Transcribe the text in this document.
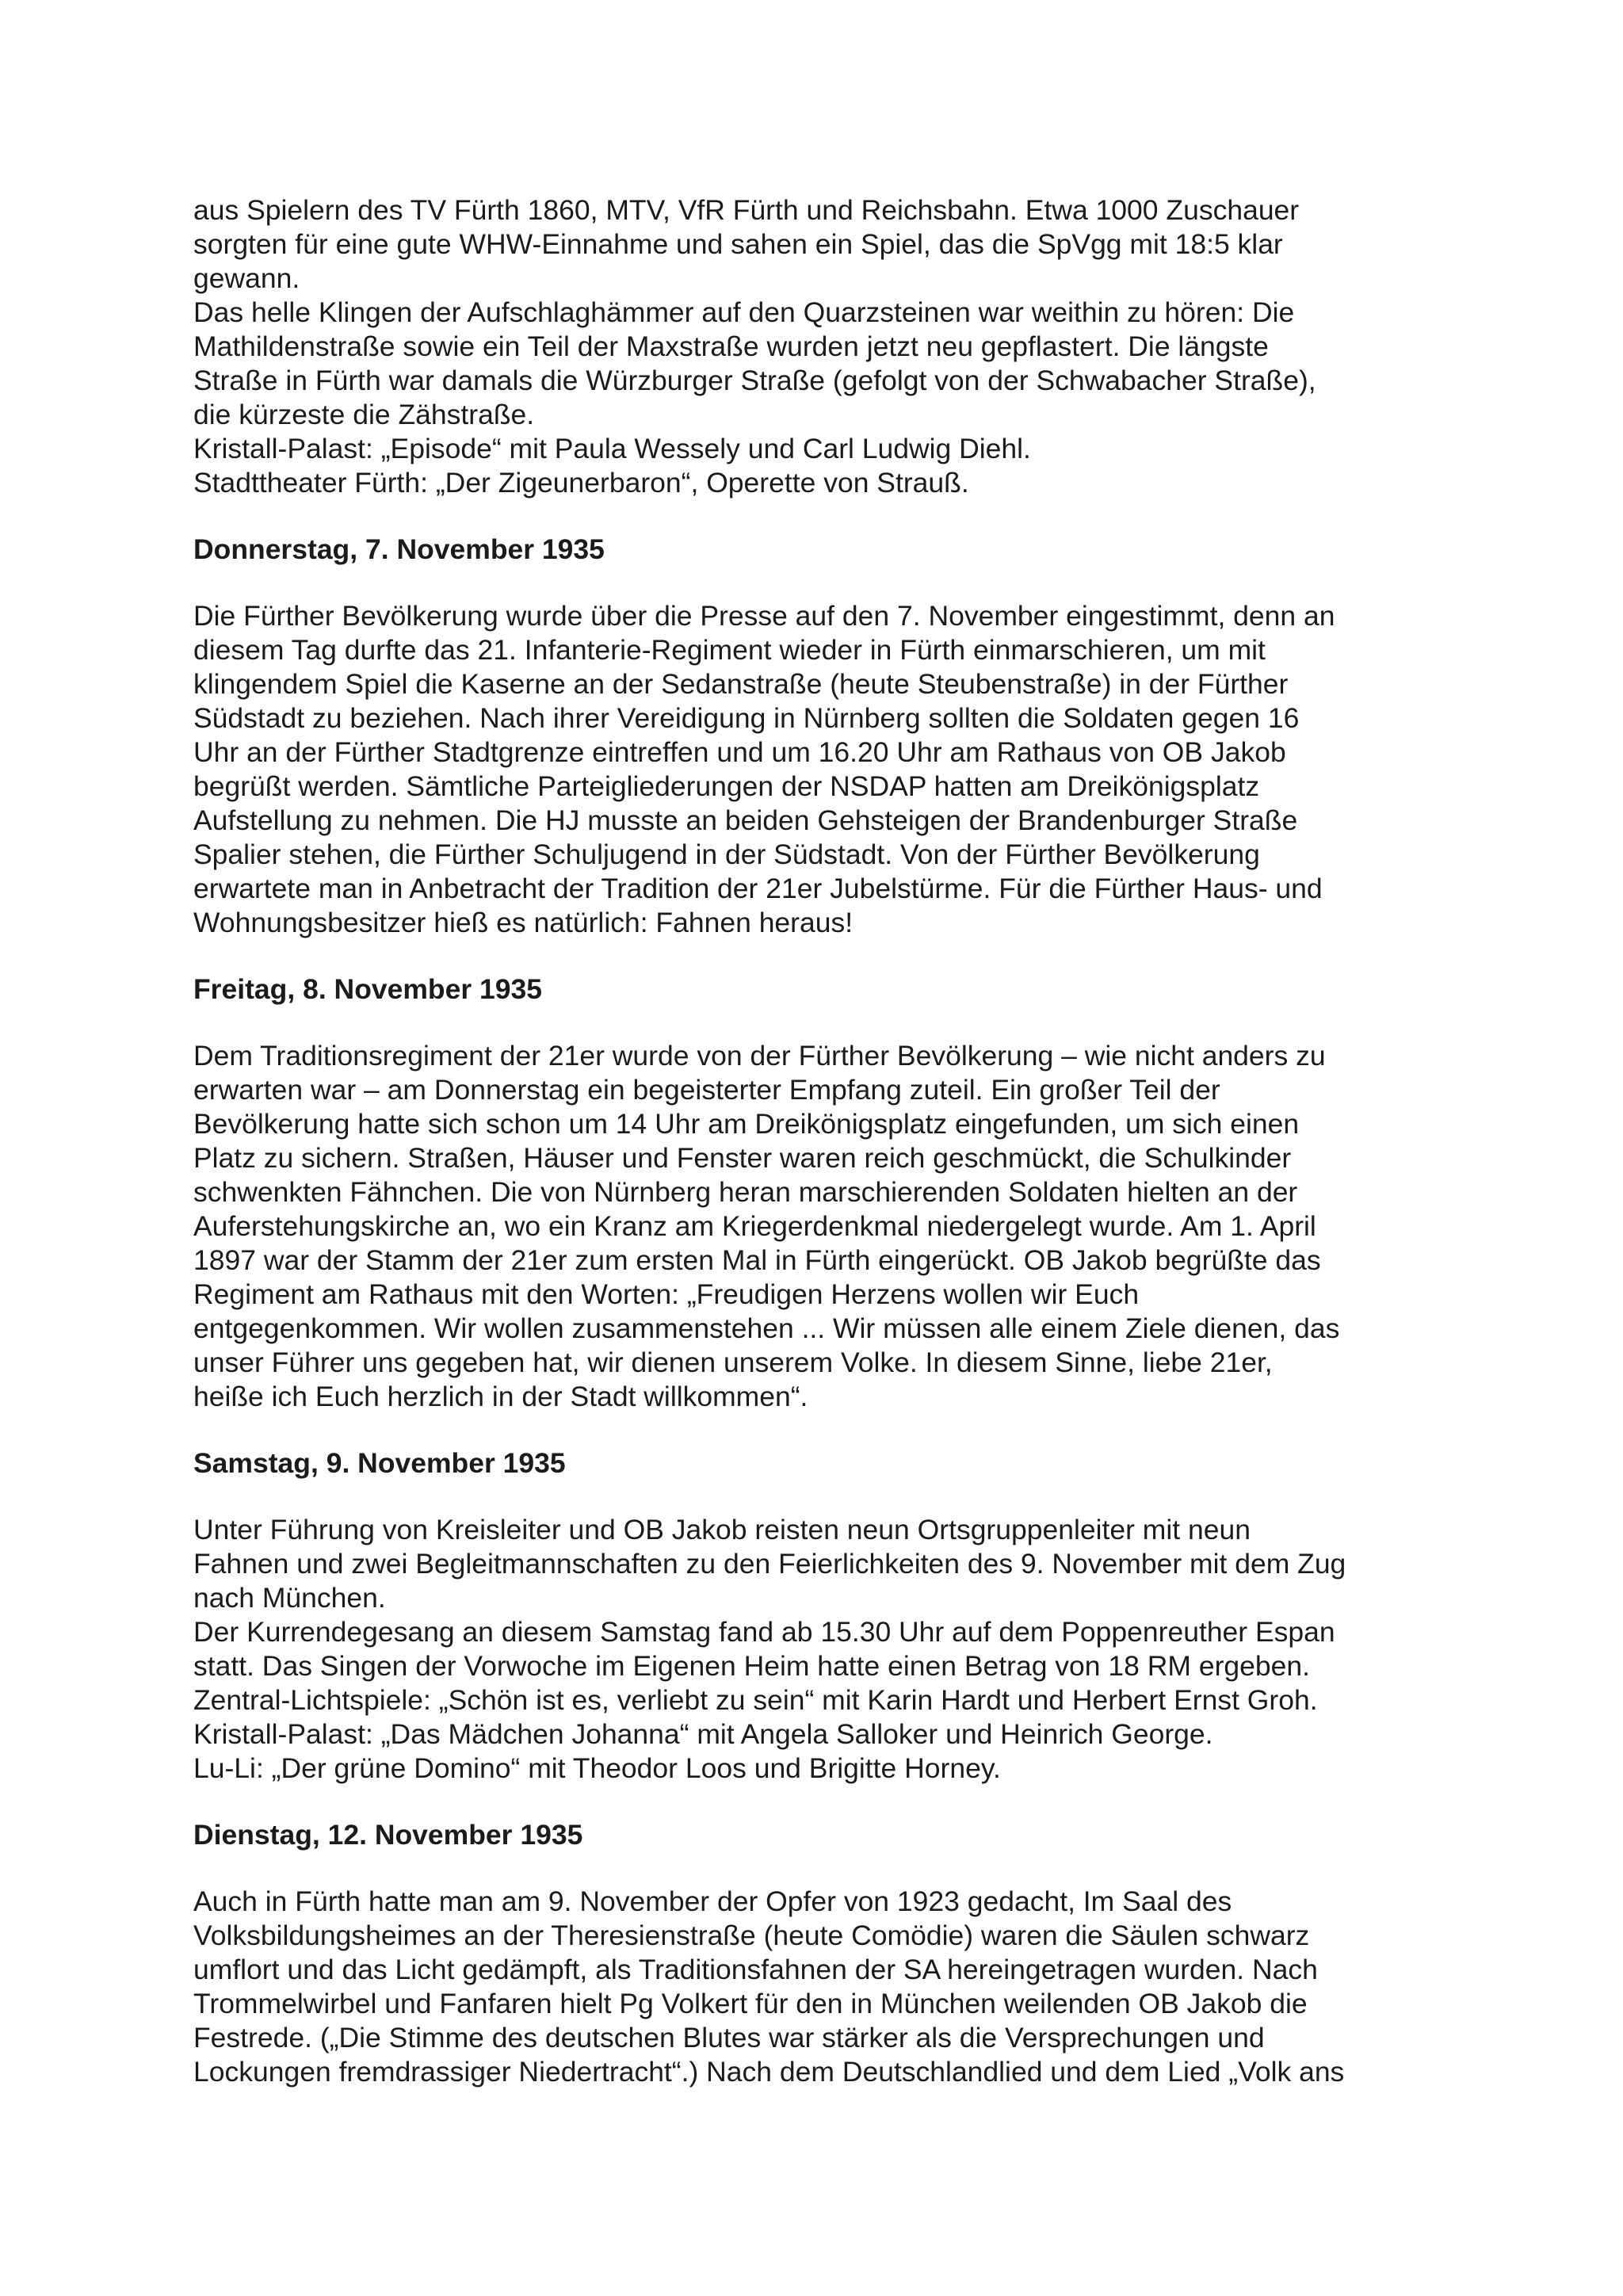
aus Spielern des TV Fürth 1860, MTV, VfR Fürth und Reichsbahn. Etwa 1000 Zuschauer
sorgten für eine gute WHW-Einnahme und sahen ein Spiel, das die SpVgg mit 18:5 klar
gewann.
Das helle Klingen der Aufschlaghämmer auf den Quarzsteinen war weithin zu hören: Die
Mathildenstraße sowie ein Teil der Maxstraße wurden jetzt neu gepflastert. Die längste
Straße in Fürth war damals die Würzburger Straße (gefolgt von der Schwabacher Straße),
die kürzeste die Zähstraße.
Kristall-Palast: „Episode“ mit Paula Wessely und Carl Ludwig Diehl.
Stadttheater Fürth: „Der Zigeunerbaron“, Operette von Strauß.
Donnerstag, 7. November 1935
Die Fürther Bevölkerung wurde über die Presse auf den 7. November eingestimmt, denn an
diesem Tag durfte das 21. Infanterie-Regiment wieder in Fürth einmarschieren, um mit
klingendem Spiel die Kaserne an der Sedanstraße (heute Steubenstraße) in der Fürther
Südstadt zu beziehen. Nach ihrer Vereidigung in Nürnberg sollten die Soldaten gegen 16
Uhr an der Fürther Stadtgrenze eintreffen und um 16.20 Uhr am Rathaus von OB Jakob
begrüßt werden. Sämtliche Parteigliederungen der NSDAP hatten am Dreikönigsplatz
Aufstellung zu nehmen. Die HJ musste an beiden Gehsteigen der Brandenburger Straße
Spalier stehen, die Fürther Schuljugend in der Südstadt. Von der Fürther Bevölkerung
erwartete man in Anbetracht der Tradition der 21er Jubelstürme. Für die Fürther Haus- und
Wohnungsbesitzer hieß es natürlich: Fahnen heraus!
Freitag, 8. November 1935
Dem Traditionsregiment der 21er wurde von der Fürther Bevölkerung – wie nicht anders zu
erwarten war – am Donnerstag ein begeisterter Empfang zuteil. Ein großer Teil der
Bevölkerung hatte sich schon um 14 Uhr am Dreikönigsplatz eingefunden, um sich einen
Platz zu sichern. Straßen, Häuser und Fenster waren reich geschmückt, die Schulkinder
schwenkten Fähnchen. Die von Nürnberg heran marschierenden Soldaten hielten an der
Auferstehungskirche an, wo ein Kranz am Kriegerdenkmal niedergelegt wurde. Am 1. April
1897 war der Stamm der 21er zum ersten Mal in Fürth eingerückt. OB Jakob begrüßte das
Regiment am Rathaus mit den Worten: „Freudigen Herzens wollen wir Euch
entgegenkommen. Wir wollen zusammenstehen ... Wir müssen alle einem Ziele dienen, das
unser Führer uns gegeben hat, wir dienen unserem Volke. In diesem Sinne, liebe 21er,
heiße ich Euch herzlich in der Stadt willkommen“.
Samstag, 9. November 1935
Unter Führung von Kreisleiter und OB Jakob reisten neun Ortsgruppenleiter mit neun
Fahnen und zwei Begleitmannschaften zu den Feierlichkeiten des 9. November mit dem Zug
nach München.
Der Kurrendegesang an diesem Samstag fand ab 15.30 Uhr auf dem Poppenreuther Espan
statt. Das Singen der Vorwoche im Eigenen Heim hatte einen Betrag von 18 RM ergeben.
Zentral-Lichtspiele: „Schön ist es, verliebt zu sein“ mit Karin Hardt und Herbert Ernst Groh.
Kristall-Palast: „Das Mädchen Johanna“ mit Angela Salloker und Heinrich George.
Lu-Li: „Der grüne Domino“ mit Theodor Loos und Brigitte Horney.
Dienstag, 12. November 1935
Auch in Fürth hatte man am 9. November der Opfer von 1923 gedacht, Im Saal des
Volksbildungsheimes an der Theresienstraße (heute Comödie) waren die Säulen schwarz
umflort und das Licht gedämpft, als Traditionsfahnen der SA hereingetragen wurden. Nach
Trommelwirbel und Fanfaren hielt Pg Volkert für den in München weilenden OB Jakob die
Festrede. („Die Stimme des deutschen Blutes war stärker als die Versprechungen und
Lockungen fremdrassiger Niedertracht“.) Nach dem Deutschlandlied und dem Lied „Volk ans
